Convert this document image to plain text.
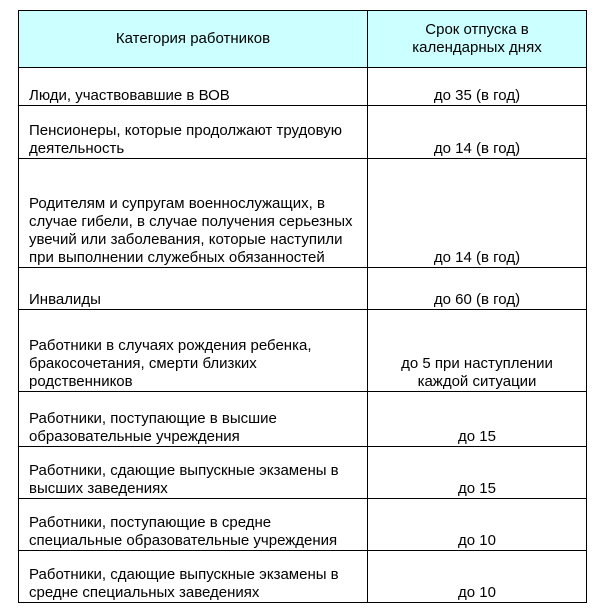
Категория работников	Срок отпуска в календарных днях
Люди, участвовавшие в ВОВ	до 35 (в год)
Пенсионеры, которые продолжают трудовую деятельность	до 14 (в год)
Родителям и супругам военнослужащих, в случае гибели, в случае получения серьезных увечий или заболевания, которые наступили при выполнении служебных обязанностей	до 14 (в год)
Инвалиды	до 60 (в год)
Работники в случаях рождения ребенка, бракосочетания, смерти близких родственников	до 5 при наступлении каждой ситуации
Работники, поступающие в высшие образовательные учреждения	до 15
Работники, сдающие выпускные экзамены в высших заведениях	до 15
Работники, поступающие в средне специальные образовательные учреждения	до 10
Работники, сдающие выпускные экзамены в средне специальных заведениях	до 10
